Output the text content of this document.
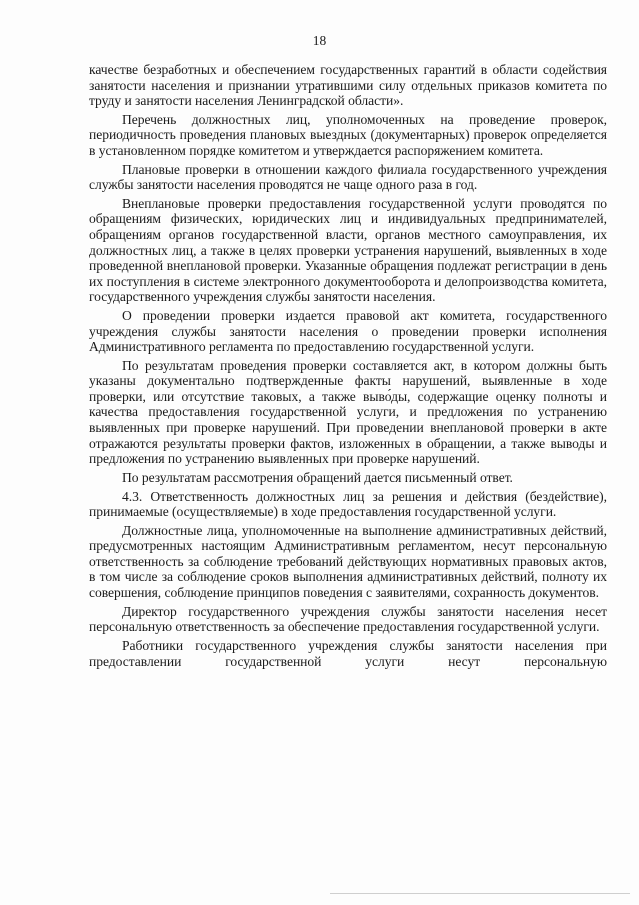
18

качестве безработных и обеспечением государственных гарантий в области содействия занятости населения и признании утратившими силу отдельных приказов комитета по труду и занятости населения Ленинградской области».

Перечень должностных лиц, уполномоченных на проведение проверок, периодичность проведения плановых выездных (документарных) проверок определяется в установленном порядке комитетом и утверждается распоряжением комитета.

Плановые проверки в отношении каждого филиала государственного учреждения службы занятости населения проводятся не чаще одного раза в год.

Внеплановые проверки предоставления государственной услуги проводятся по обращениям физических, юридических лиц и индивидуальных предпринимателей, обращениям органов государственной власти, органов местного самоуправления, их должностных лиц, а также в целях проверки устранения нарушений, выявленных в ходе проведенной внеплановой проверки. Указанные обращения подлежат регистрации в день их поступления в системе электронного документооборота и делопроизводства комитета, государственного учреждения службы занятости населения.

О проведении проверки издается правовой акт комитета, государственного учреждения службы занятости населения о проведении проверки исполнения Административного регламента по предоставлению государственной услуги.

По результатам проведения проверки составляется акт, в котором должны быть указаны документально подтвержденные факты нарушений, выявленные в ходе проверки, или отсутствие таковых, а также выво́ды, содержащие оценку полноты и качества предоставления государственной услуги, и предложения по устранению выявленных при проверке нарушений. При проведении внеплановой проверки в акте отражаются результаты проверки фактов, изложенных в обращении, а также выводы и предложения по устранению выявленных при проверке нарушений.

По результатам рассмотрения обращений дается письменный ответ.

4.3. Ответственность должностных лиц за решения и действия (бездействие), принимаемые (осуществляемые) в ходе предоставления государственной услуги.

Должностные лица, уполномоченные на выполнение административных действий, предусмотренных настоящим Административным регламентом, несут персональную ответственность за соблюдение требований действующих нормативных правовых актов, в том числе за соблюдение сроков выполнения административных действий, полноту их совершения, соблюдение принципов поведения с заявителями, сохранность документов.

Директор государственного учреждения службы занятости населения несет персональную ответственность за обеспечение предоставления государственной услуги.

Работники государственного учреждения службы занятости населения при предоставлении государственной услуги несут персональную
